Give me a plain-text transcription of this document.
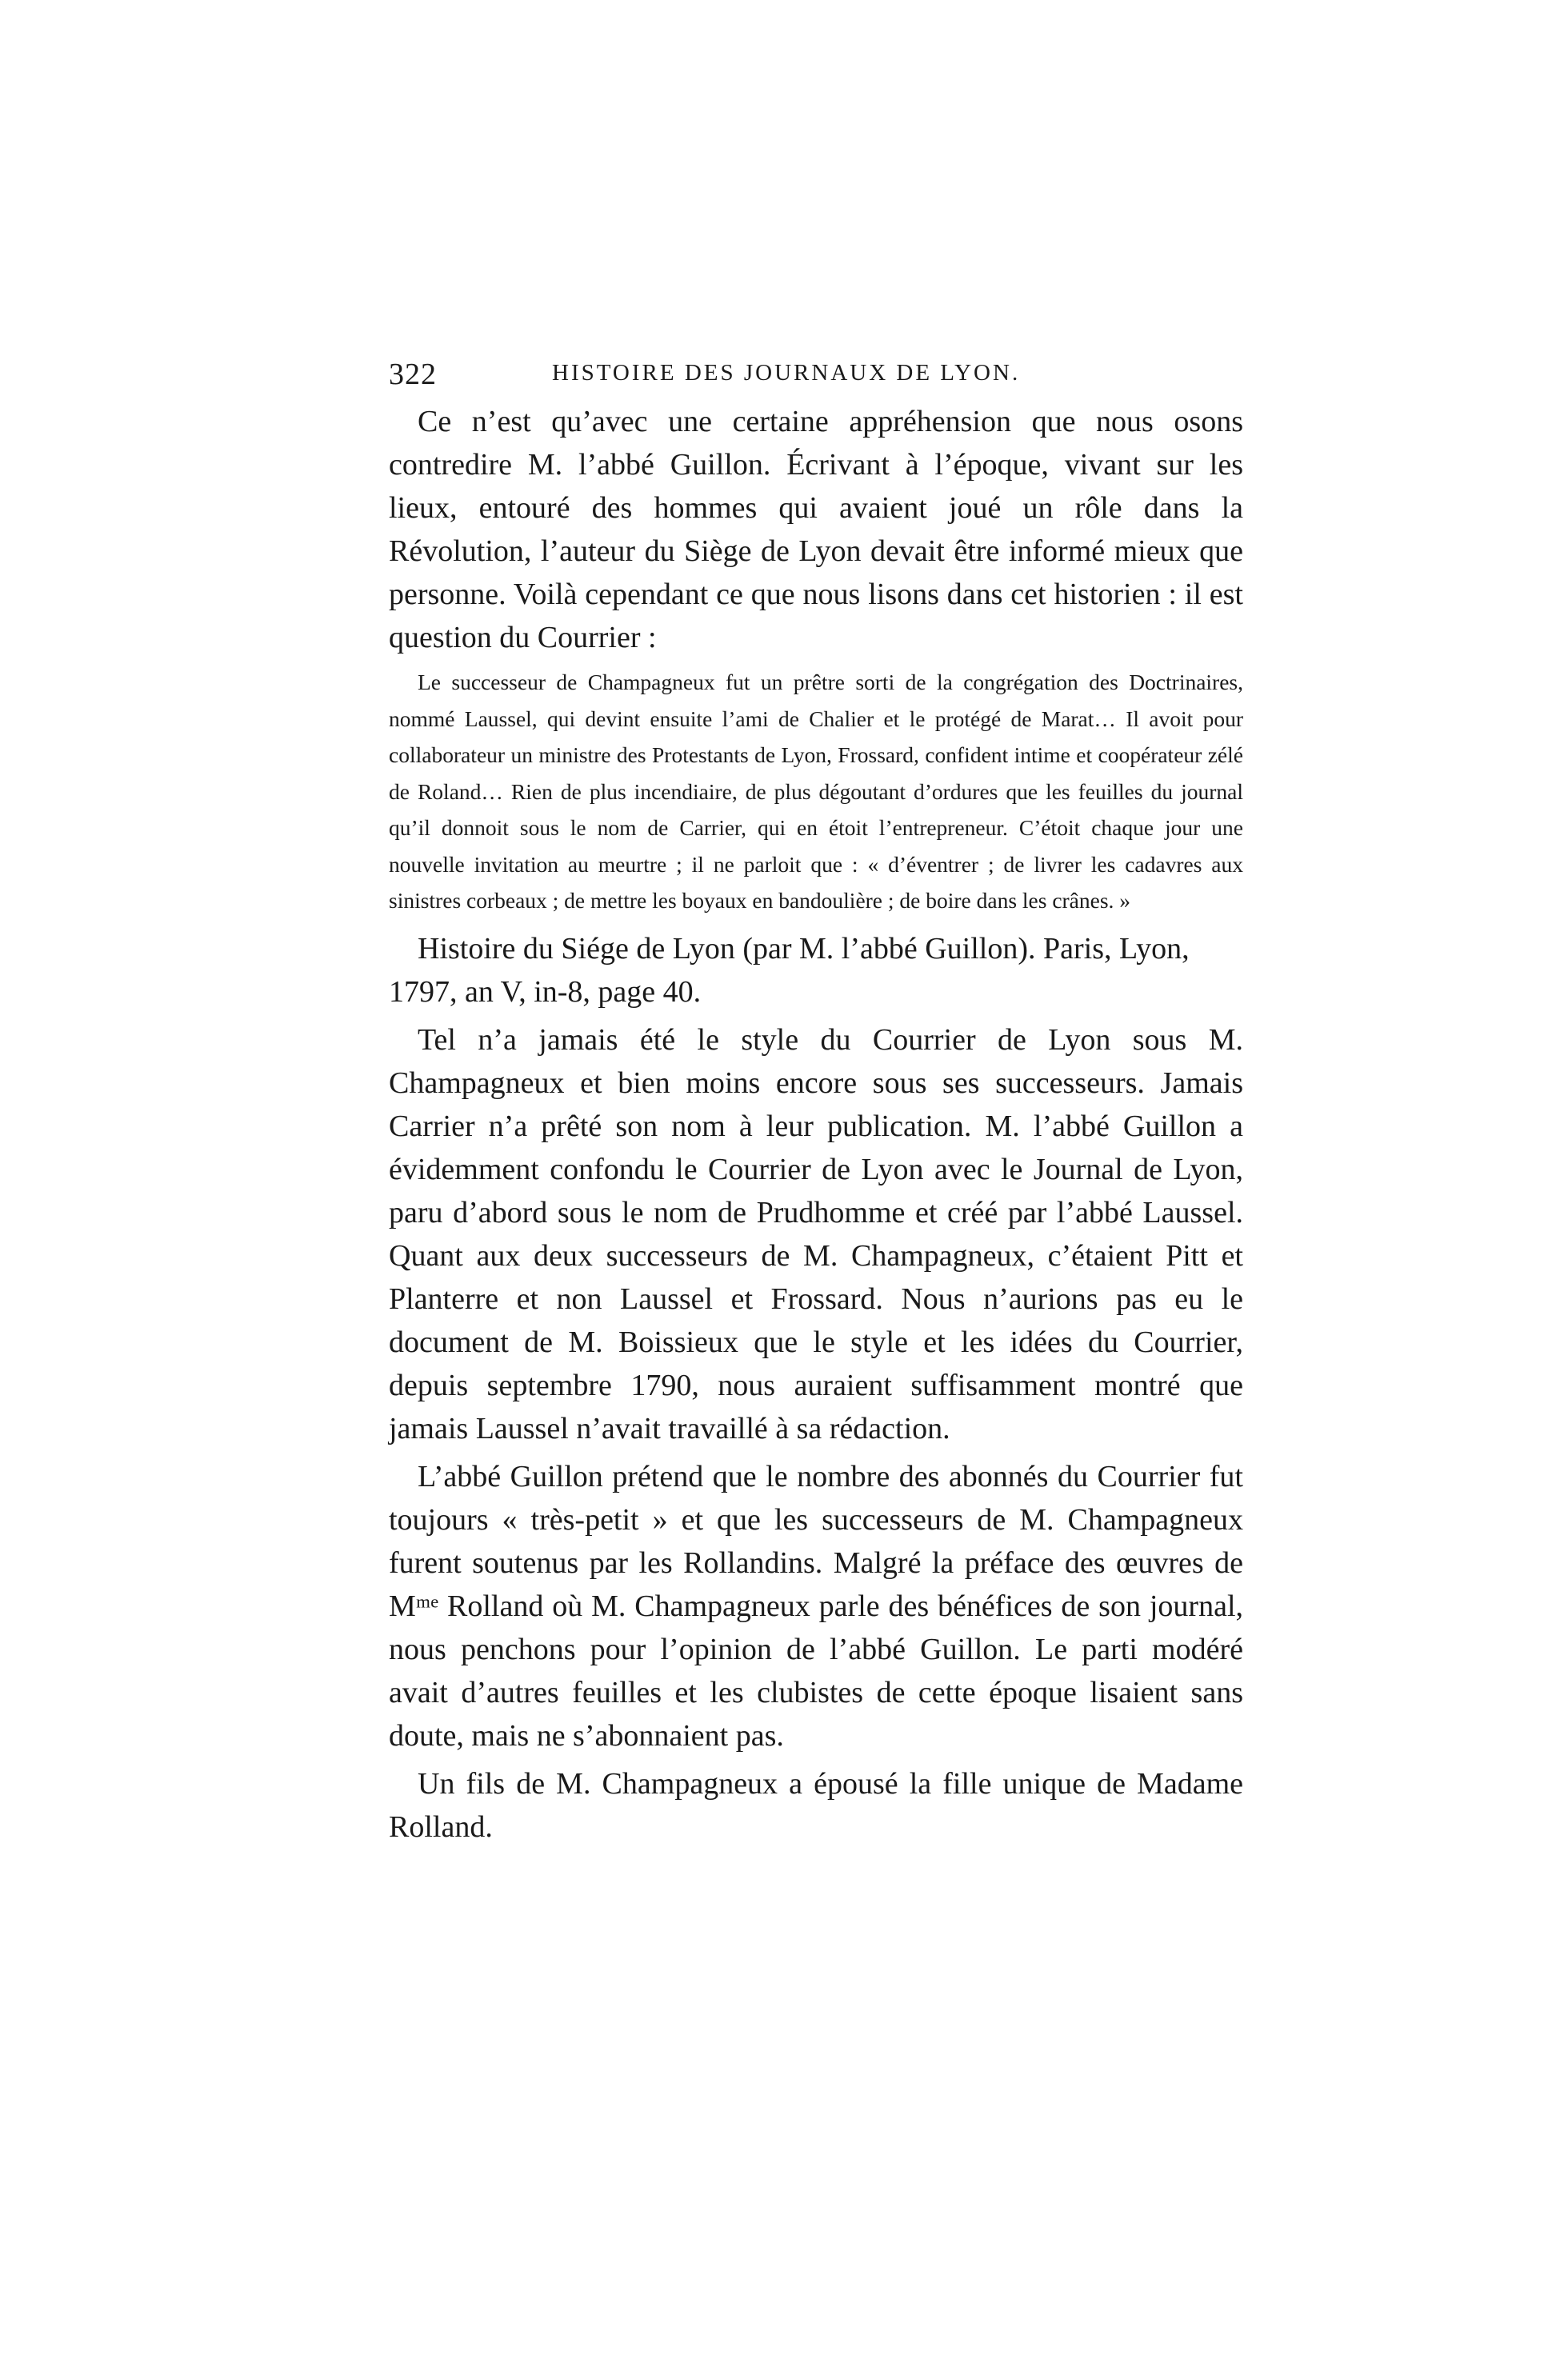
322	HISTOIRE DES JOURNAUX DE LYON.

Ce n’est qu’avec une certaine appréhension que nous osons contredire M. l’abbé Guillon. Écrivant à l’époque, vivant sur les lieux, entouré des hommes qui avaient joué un rôle dans la Révolution, l’auteur du Siège de Lyon devait être informé mieux que personne. Voilà cependant ce que nous lisons dans cet historien : il est question du Courrier :

Le successeur de Champagneux fut un prêtre sorti de la congrégation des Doctrinaires, nommé Laussel, qui devint ensuite l’ami de Chalier et le protégé de Marat… Il avoit pour collaborateur un ministre des Protestants de Lyon, Frossard, confident intime et coopérateur zélé de Roland… Rien de plus incendiaire, de plus dégoutant d’ordures que les feuilles du journal qu’il donnoit sous le nom de Carrier, qui en étoit l’entrepreneur. C’étoit chaque jour une nouvelle invitation au meurtre ; il ne parloit que : « d’éventrer ; de livrer les cadavres aux sinistres corbeaux ; de mettre les boyaux en bandoulière ; de boire dans les crânes. »

Histoire du Siége de Lyon (par M. l’abbé Guillon). Paris, Lyon, 1797, an V, in-8, page 40.

Tel n’a jamais été le style du Courrier de Lyon sous M. Champagneux et bien moins encore sous ses successeurs. Jamais Carrier n’a prêté son nom à leur publication. M. l’abbé Guillon a évidemment confondu le Courrier de Lyon avec le Journal de Lyon, paru d’abord sous le nom de Prudhomme et créé par l’abbé Laussel. Quant aux deux successeurs de M. Champagneux, c’étaient Pitt et Planterre et non Laussel et Frossard. Nous n’aurions pas eu le document de M. Boissieux que le style et les idées du Courrier, depuis septembre 1790, nous auraient suffisamment montré que jamais Laussel n’avait travaillé à sa rédaction.

L’abbé Guillon prétend que le nombre des abonnés du Courrier fut toujours « très-petit » et que les successeurs de M. Champagneux furent soutenus par les Rollandins. Malgré la préface des œuvres de Mᵐᵉ Rolland où M. Champagneux parle des bénéfices de son journal, nous penchons pour l’opinion de l’abbé Guillon. Le parti modéré avait d’autres feuilles et les clubistes de cette époque lisaient sans doute, mais ne s’abonnaient pas.

Un fils de M. Champagneux a épousé la fille unique de Madame Rolland.
